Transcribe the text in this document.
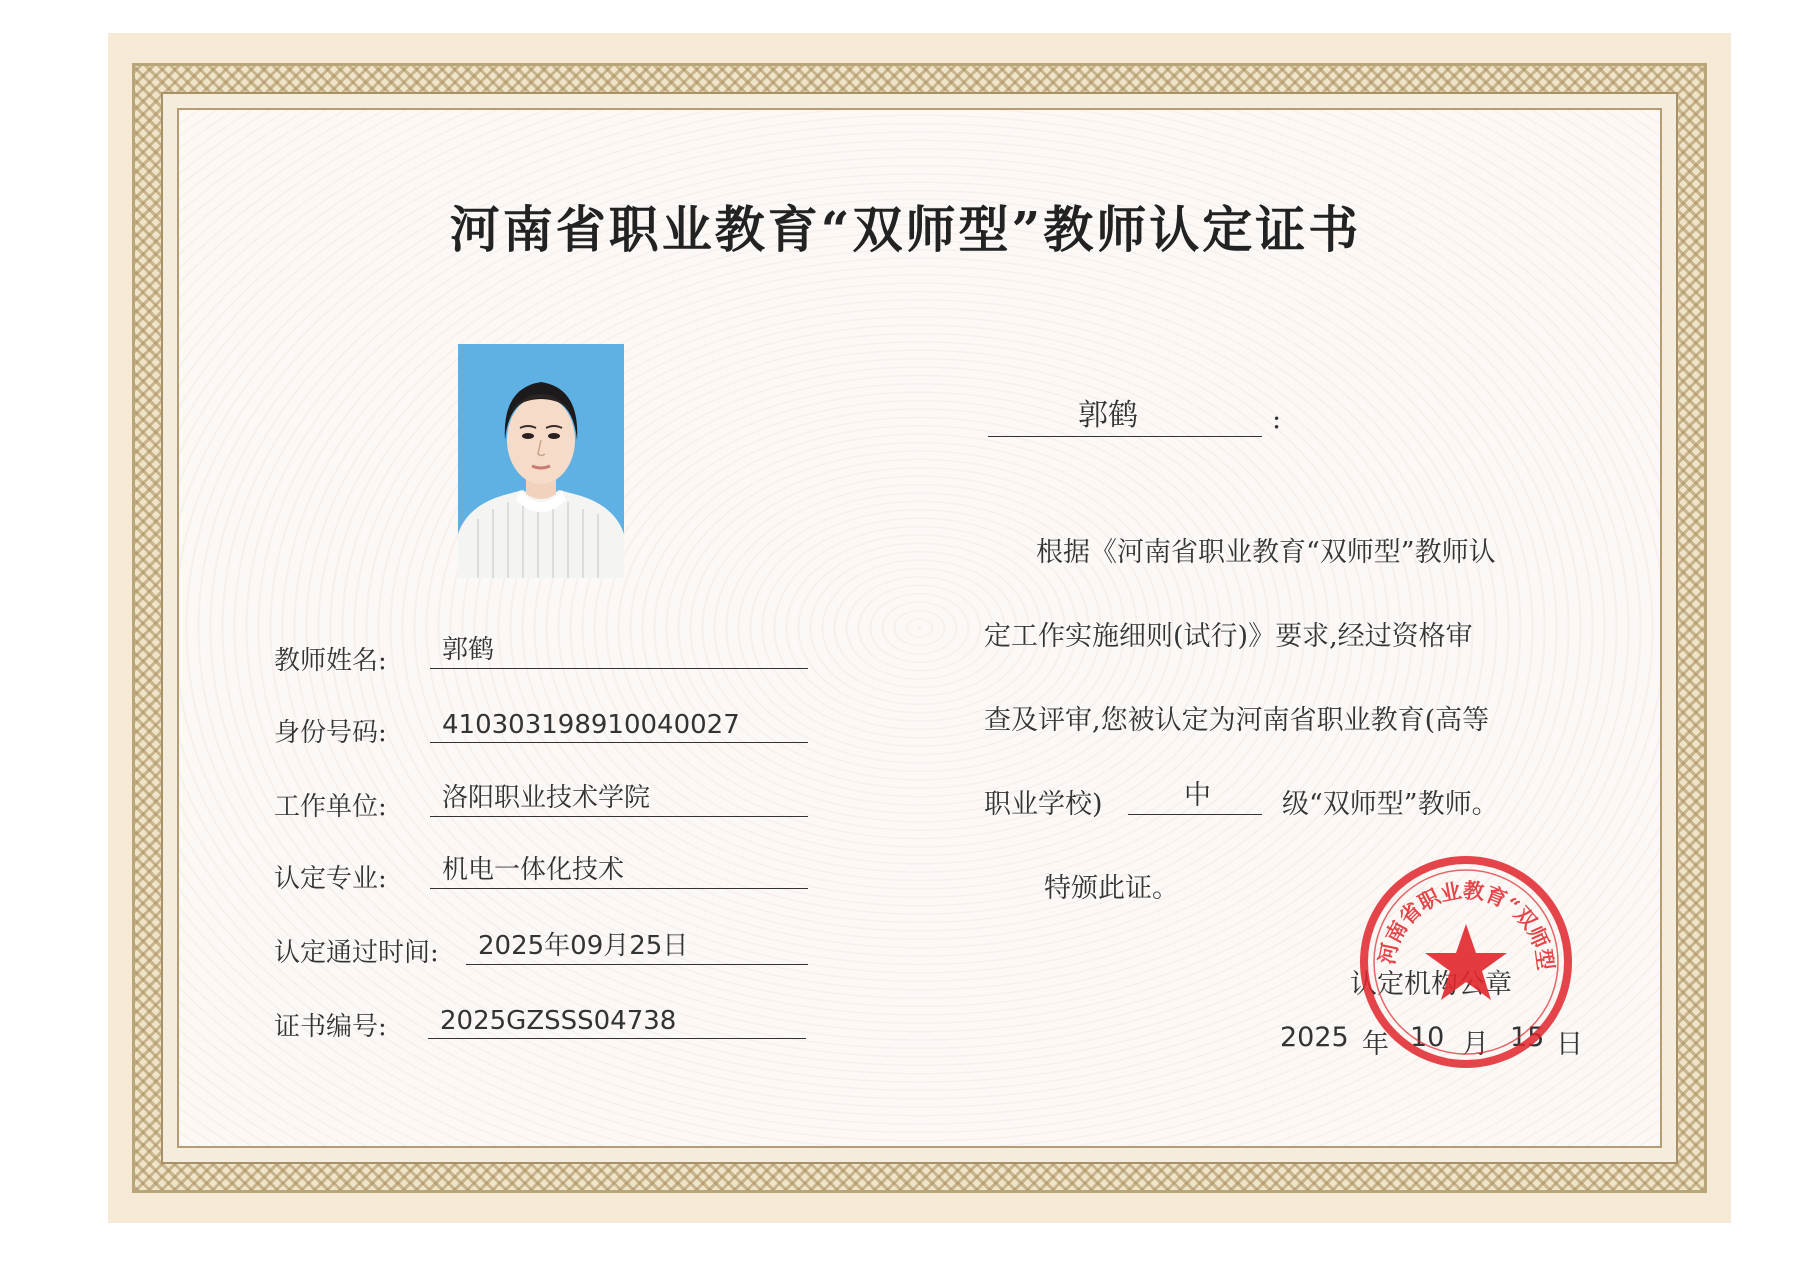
河南省职业教育“双师型”教师认定证书
教师姓名: 郭鹤
身份号码: 410303198910040027
工作单位: 洛阳职业技术学院
认定专业: 机电一体化技术
认定通过时间: 2025年09月25日
证书编号: 2025GZSSS04738
郭鹤	:
根据《河南省职业教育“双师型”教师认
定工作实施细则(试行)》要求,经过资格审
查及评审,您被认定为河南省职业教育(高等
职业学校)	中	级“双师型”教师。
特颁此证。
认定机构公章
2025 年 10 月 15 日
河南省职业教育“双师型
